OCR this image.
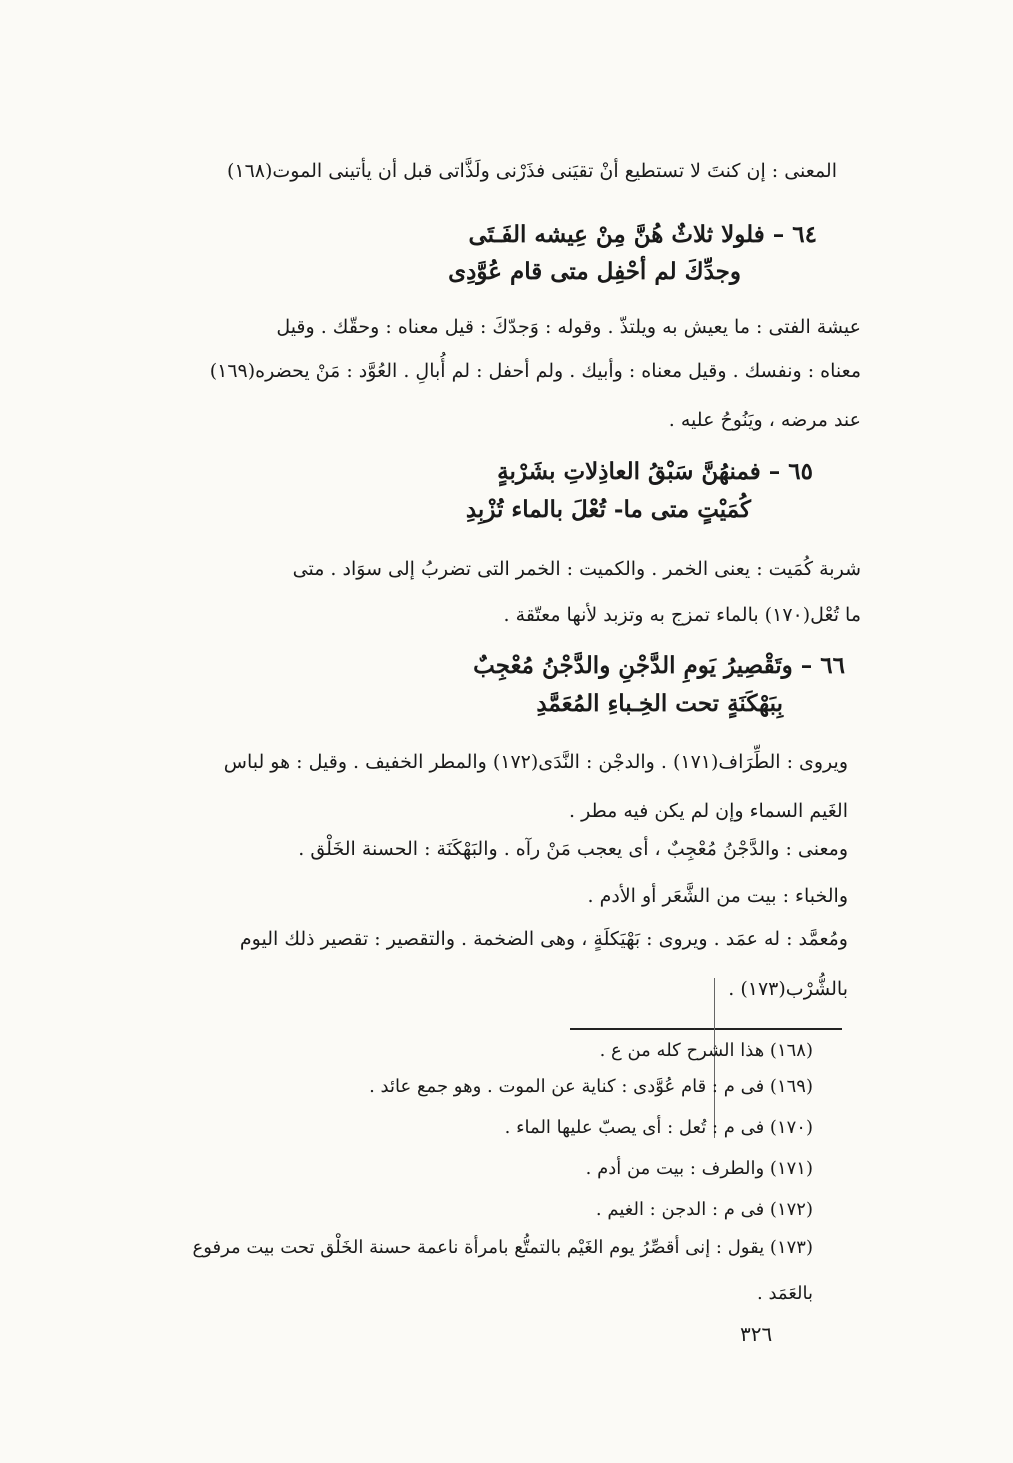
المعنى : إن كنتَ لا تستطيع أنْ تقيَنى فذَرْنى ولَذَّاتى قبل أن يأتينى الموت(١٦٨)

٦٤ – فلولا ثلاثٌ هُنَّ مِنْ عِيشه الفَـتَى

وجدِّكَ لم أحْفِل متى قام عُوَّدِى

عيشة الفتى : ما يعيش به ويلتذّ . وقوله : وَجدّكَ : قيل معناه : وحقّك . وقيل

معناه : ونفسك . وقيل معناه : وأبيك . ولم أحفل : لم أُبالِ . العُوَّد : مَنْ يحضره(١٦٩)

عند مرضه ، ويَنُوحُ عليه .

٦٥ – فمنهُنَّ سَبْقُ العاذِلاتِ بشَرْبةٍ

كُمَيْتٍ متى ما- تُعْلَ بالماء تُزْبِدِ

شربة كُمَيت : يعنى الخمر . والكميت : الخمر التى تضربُ إلى سوَاد . متى

ما تُعْل(١٧٠) بالماء تمزج به وتزبد لأنها معتّقة .

٦٦ – وتَقْصِيرُ يَومِ الدَّجْنِ والدَّجْنُ مُعْجِبٌ

بِبَهْكَنَةٍ تحت الخِـباءِ المُعَمَّدِ

ويروى : الطِّرَاف(١٧١) . والدجْن : النَّدَى(١٧٢) والمطر الخفيف . وقيل : هو لباس

الغَيم السماء وإن لم يكن فيه مطر .

ومعنى : والدَّجْنُ مُعْجِبٌ ، أى يعجب مَنْ رآه . والبَهْكَنَة : الحسنة الخَلْق .

والخباء : بيت من الشَّعَر أو الأدم .

ومُعمَّد : له عمَد . ويروى : بَهْيَكلَةٍ ، وهى الضخمة . والتقصير : تقصير ذلك اليوم

بالشُّرْب(١٧٣) .

(١٦٨) هذا الشرح كله من ع .

(١٦٩) فى م : قام عُوَّدى : كناية عن الموت . وهو جمع عائد .

(١٧٠) فى م : تُعل : أى يصبّ عليها الماء .

(١٧١) والطرف : بيت من أدم .

(١٧٢) فى م : الدجن : الغيم .

(١٧٣) يقول : إنى أقصِّرُ يوم الغَيْم بالتمتُّع بامرأة ناعمة حسنة الخَلْق تحت بيت مرفوع

بالعَمَد .

٣٢٦
